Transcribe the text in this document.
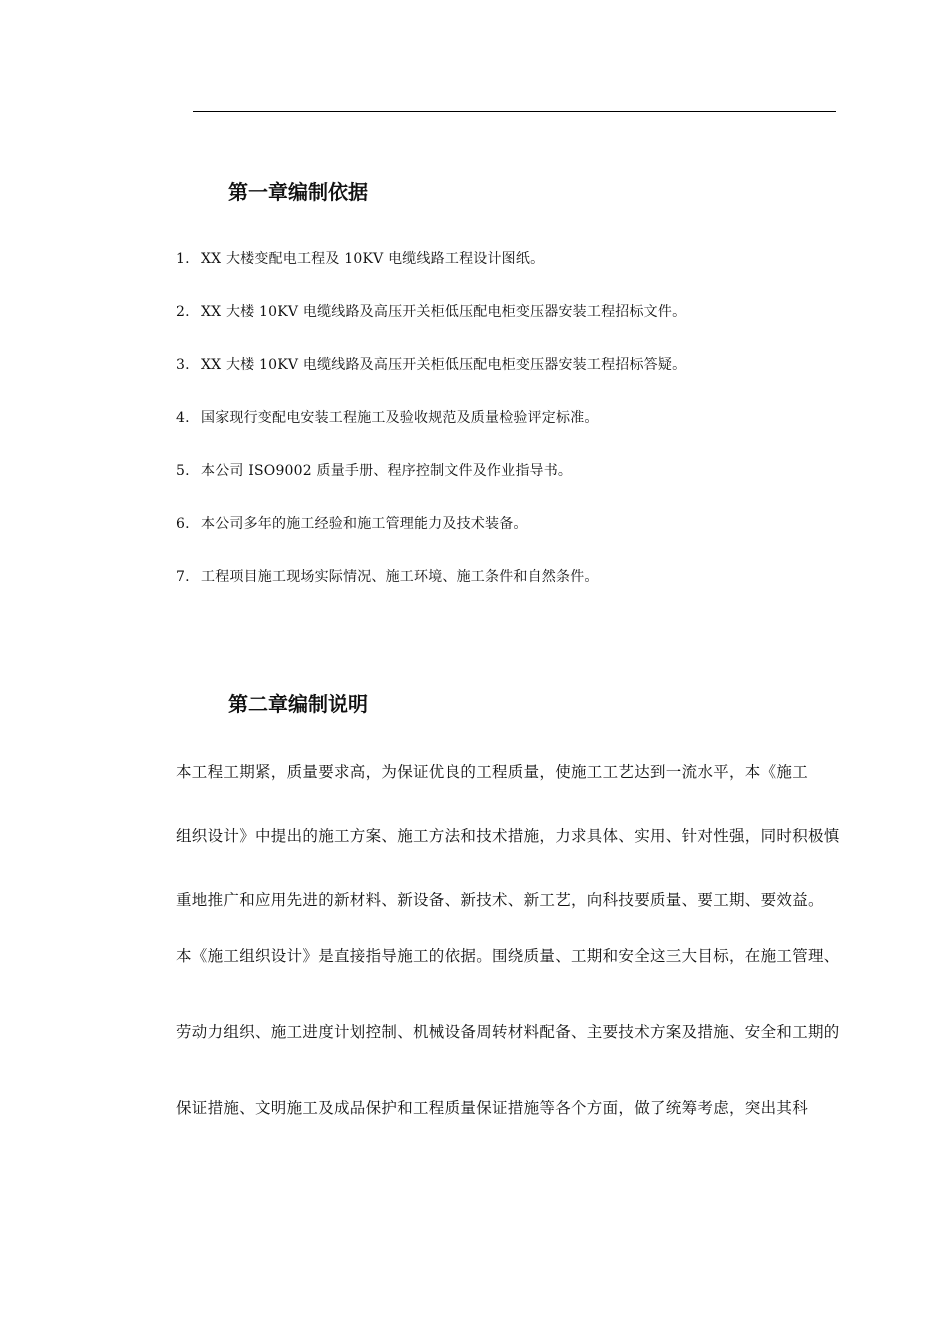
第一章编制依据
1. XX 大楼变配电工程及 10KV 电缆线路工程设计图纸。
2. XX 大楼 10KV 电缆线路及高压开关柜低压配电柜变压器安装工程招标文件。
3. XX 大楼 10KV 电缆线路及高压开关柜低压配电柜变压器安装工程招标答疑。
4. 国家现行变配电安装工程施工及验收规范及质量检验评定标准。
5. 本公司 ISO9002 质量手册、程序控制文件及作业指导书。
6. 本公司多年的施工经验和施工管理能力及技术装备。
7. 工程项目施工现场实际情况、施工环境、施工条件和自然条件。
第二章编制说明

本工程工期紧，质量要求高，为保证优良的工程质量，使施工工艺达到一流水平，本《施工
组织设计》中提出的施工方案、施工方法和技术措施，力求具体、实用、针对性强，同时积极慎
重地推广和应用先进的新材料、新设备、新技术、新工艺，向科技要质量、要工期、要效益。

本《施工组织设计》是直接指导施工的依据。围绕质量、工期和安全这三大目标，在施工管理、
劳动力组织、施工进度计划控制、机械设备周转材料配备、主要技术方案及措施、安全和工期的
保证措施、文明施工及成品保护和工程质量保证措施等各个方面，做了统筹考虑，突出其科
